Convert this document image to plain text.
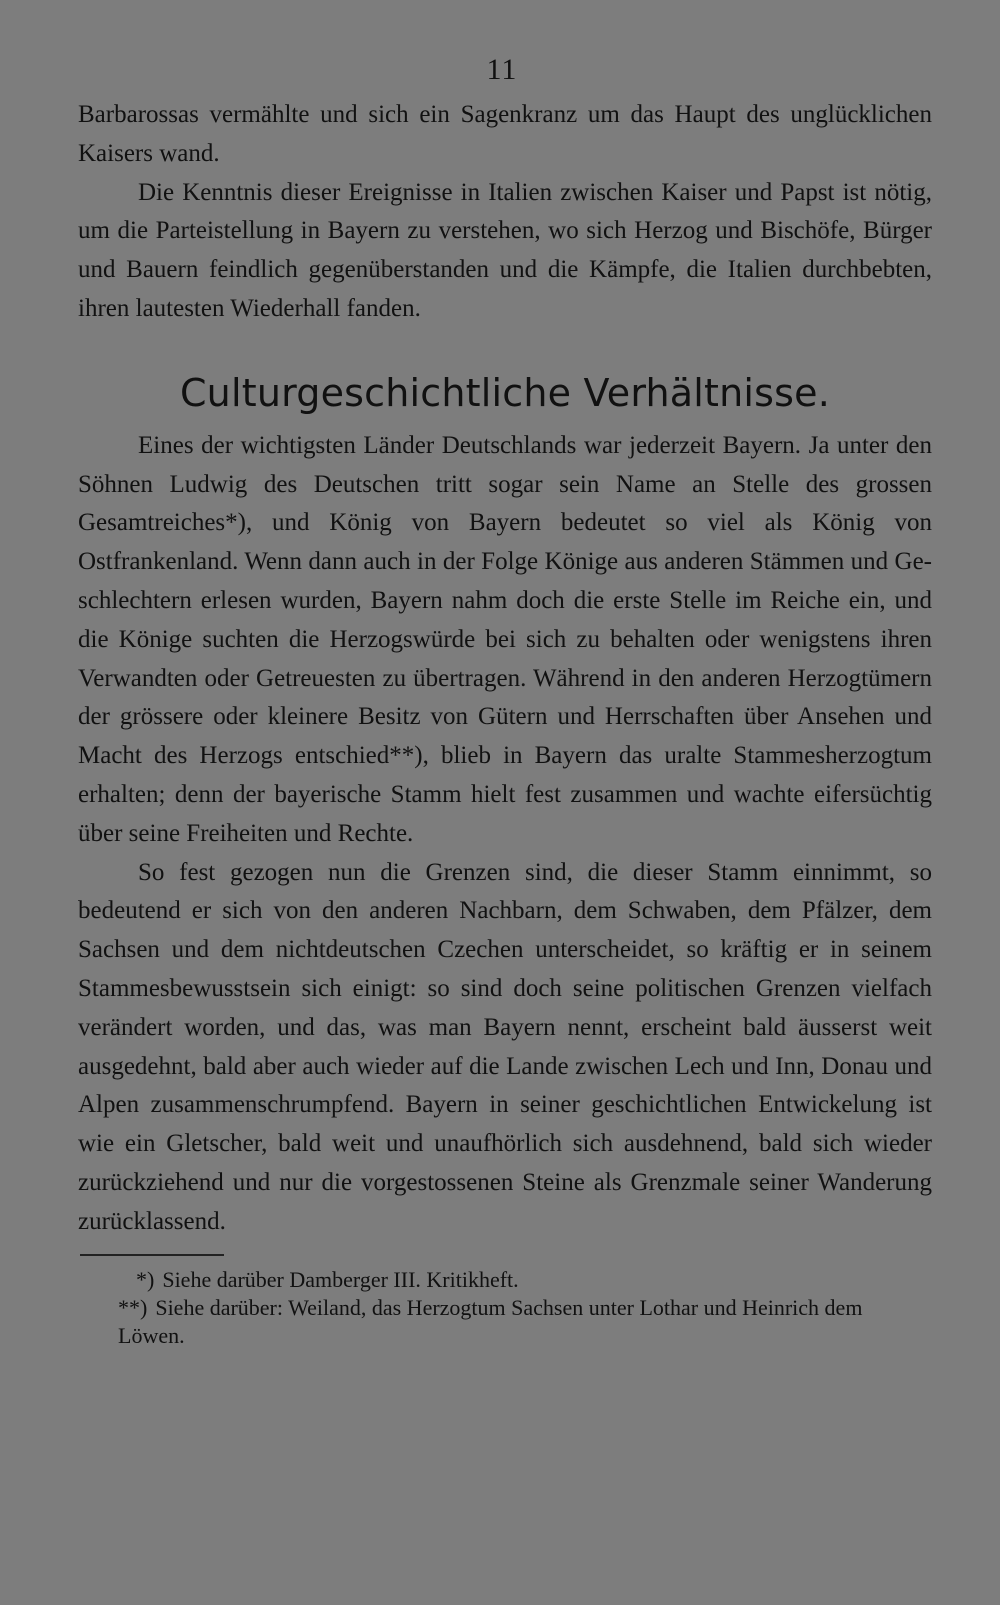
11

Barbarossas vermählte und sich ein Sagenkranz um das Haupt des unglücklichen Kaisers wand.

Die Kenntnis dieser Ereignisse in Italien zwischen Kaiser und Papst ist nötig, um die Parteistellung in Bayern zu verstehen, wo sich Herzog und Bischöfe, Bürger und Bauern feindlich gegenüberstanden und die Kämpfe, die Italien durchbebten, ihren lautesten Wiederhall fanden.

Culturgeschichtliche Verhältnisse.

Eines der wichtigsten Länder Deutschlands war jederzeit Bayern. Ja unter den Söhnen Ludwig des Deutschen tritt sogar sein Name an Stelle des grossen Gesamtreiches*), und König von Bayern bedeutet so viel als König von Ostfrankenland. Wenn dann auch in der Folge Könige aus anderen Stämmen und Geschlechtern erlesen wurden, Bayern nahm doch die erste Stelle im Reiche ein, und die Könige suchten die Herzogswürde bei sich zu behalten oder wenigstens ihren Verwandten oder Getreuesten zu übertragen. Während in den anderen Herzogtümern der grössere oder kleinere Besitz von Gütern und Herrschaften über Ansehen und Macht des Herzogs entschied**), blieb in Bayern das uralte Stammesherzogtum erhalten; denn der bayerische Stamm hielt fest zusammen und wachte eifersüchtig über seine Freiheiten und Rechte.

So fest gezogen nun die Grenzen sind, die dieser Stamm einnimmt, so bedeutend er sich von den anderen Nachbarn, dem Schwaben, dem Pfälzer, dem Sachsen und dem nichtdeutschen Czechen unterscheidet, so kräftig er in seinem Stammesbewusstsein sich einigt: so sind doch seine politischen Grenzen vielfach verändert worden, und das, was man Bayern nennt, erscheint bald äusserst weit ausgedehnt, bald aber auch wieder auf die Lande zwischen Lech und Inn, Donau und Alpen zusammenschrumpfend. Bayern in seiner geschichtlichen Entwickelung ist wie ein Gletscher, bald weit und unaufhörlich sich ausdehnend, bald sich wieder zurückziehend und nur die vorgestossenen Steine als Grenzmale seiner Wanderung zurücklassend.

*) Siehe darüber Damberger III. Kritikheft.

**) Siehe darüber: Weiland, das Herzogtum Sachsen unter Lothar und Heinrich dem Löwen.
